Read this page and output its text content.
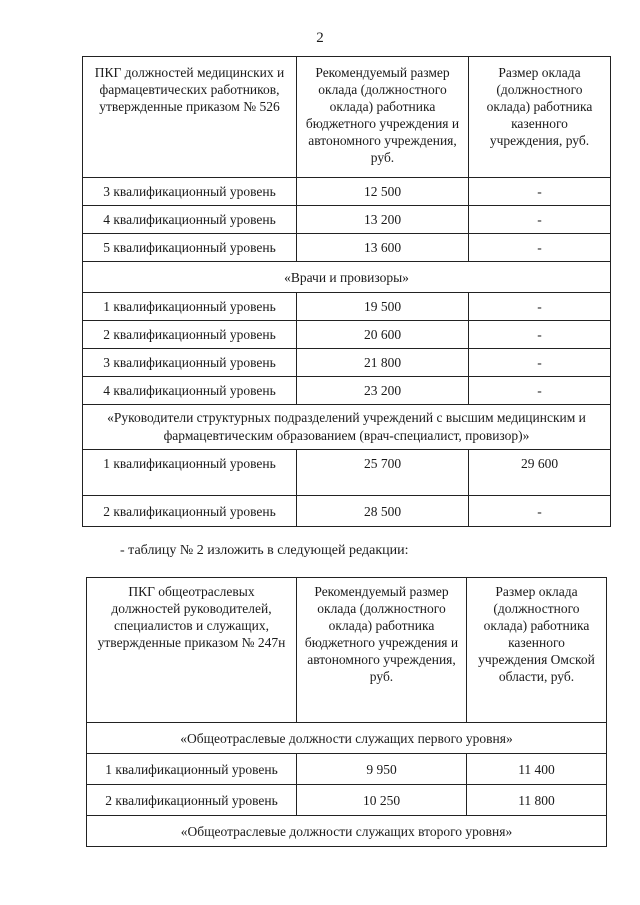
2
ПКГ должностей медицинских и фармацевтических работников, утвержденные приказом № 526	Рекомендуемый размер оклада (должностного оклада) работника бюджетного учреждения и автономного учреждения, руб.	Размер оклада (должностного оклада) работника казенного учреждения, руб.
3 квалификационный уровень	12 500	-
4 квалификационный уровень	13 200	-
5 квалификационный уровень	13 600	-
«Врачи и провизоры»		
1 квалификационный уровень	19 500	-
2 квалификационный уровень	20 600	-
3 квалификационный уровень	21 800	-
4 квалификационный уровень	23 200	-
«Руководители структурных подразделений учреждений с высшим медицинским и фармацевтическим образованием (врач-специалист, провизор)»		
1 квалификационный уровень	25 700	29 600
2 квалификационный уровень	28 500	-
- таблицу № 2 изложить в следующей редакции:
ПКГ общеотраслевых должностей руководителей, специалистов и служащих, утвержденные приказом № 247н	Рекомендуемый размер оклада (должностного оклада) работника бюджетного учреждения и автономного учреждения, руб.	Размер оклада (должностного оклада) работника казенного учреждения Омской области, руб.
«Общеотраслевые должности служащих первого уровня»		
1 квалификационный уровень	9 950	11 400
2 квалификационный уровень	10 250	11 800
«Общеотраслевые должности служащих второго уровня»		
